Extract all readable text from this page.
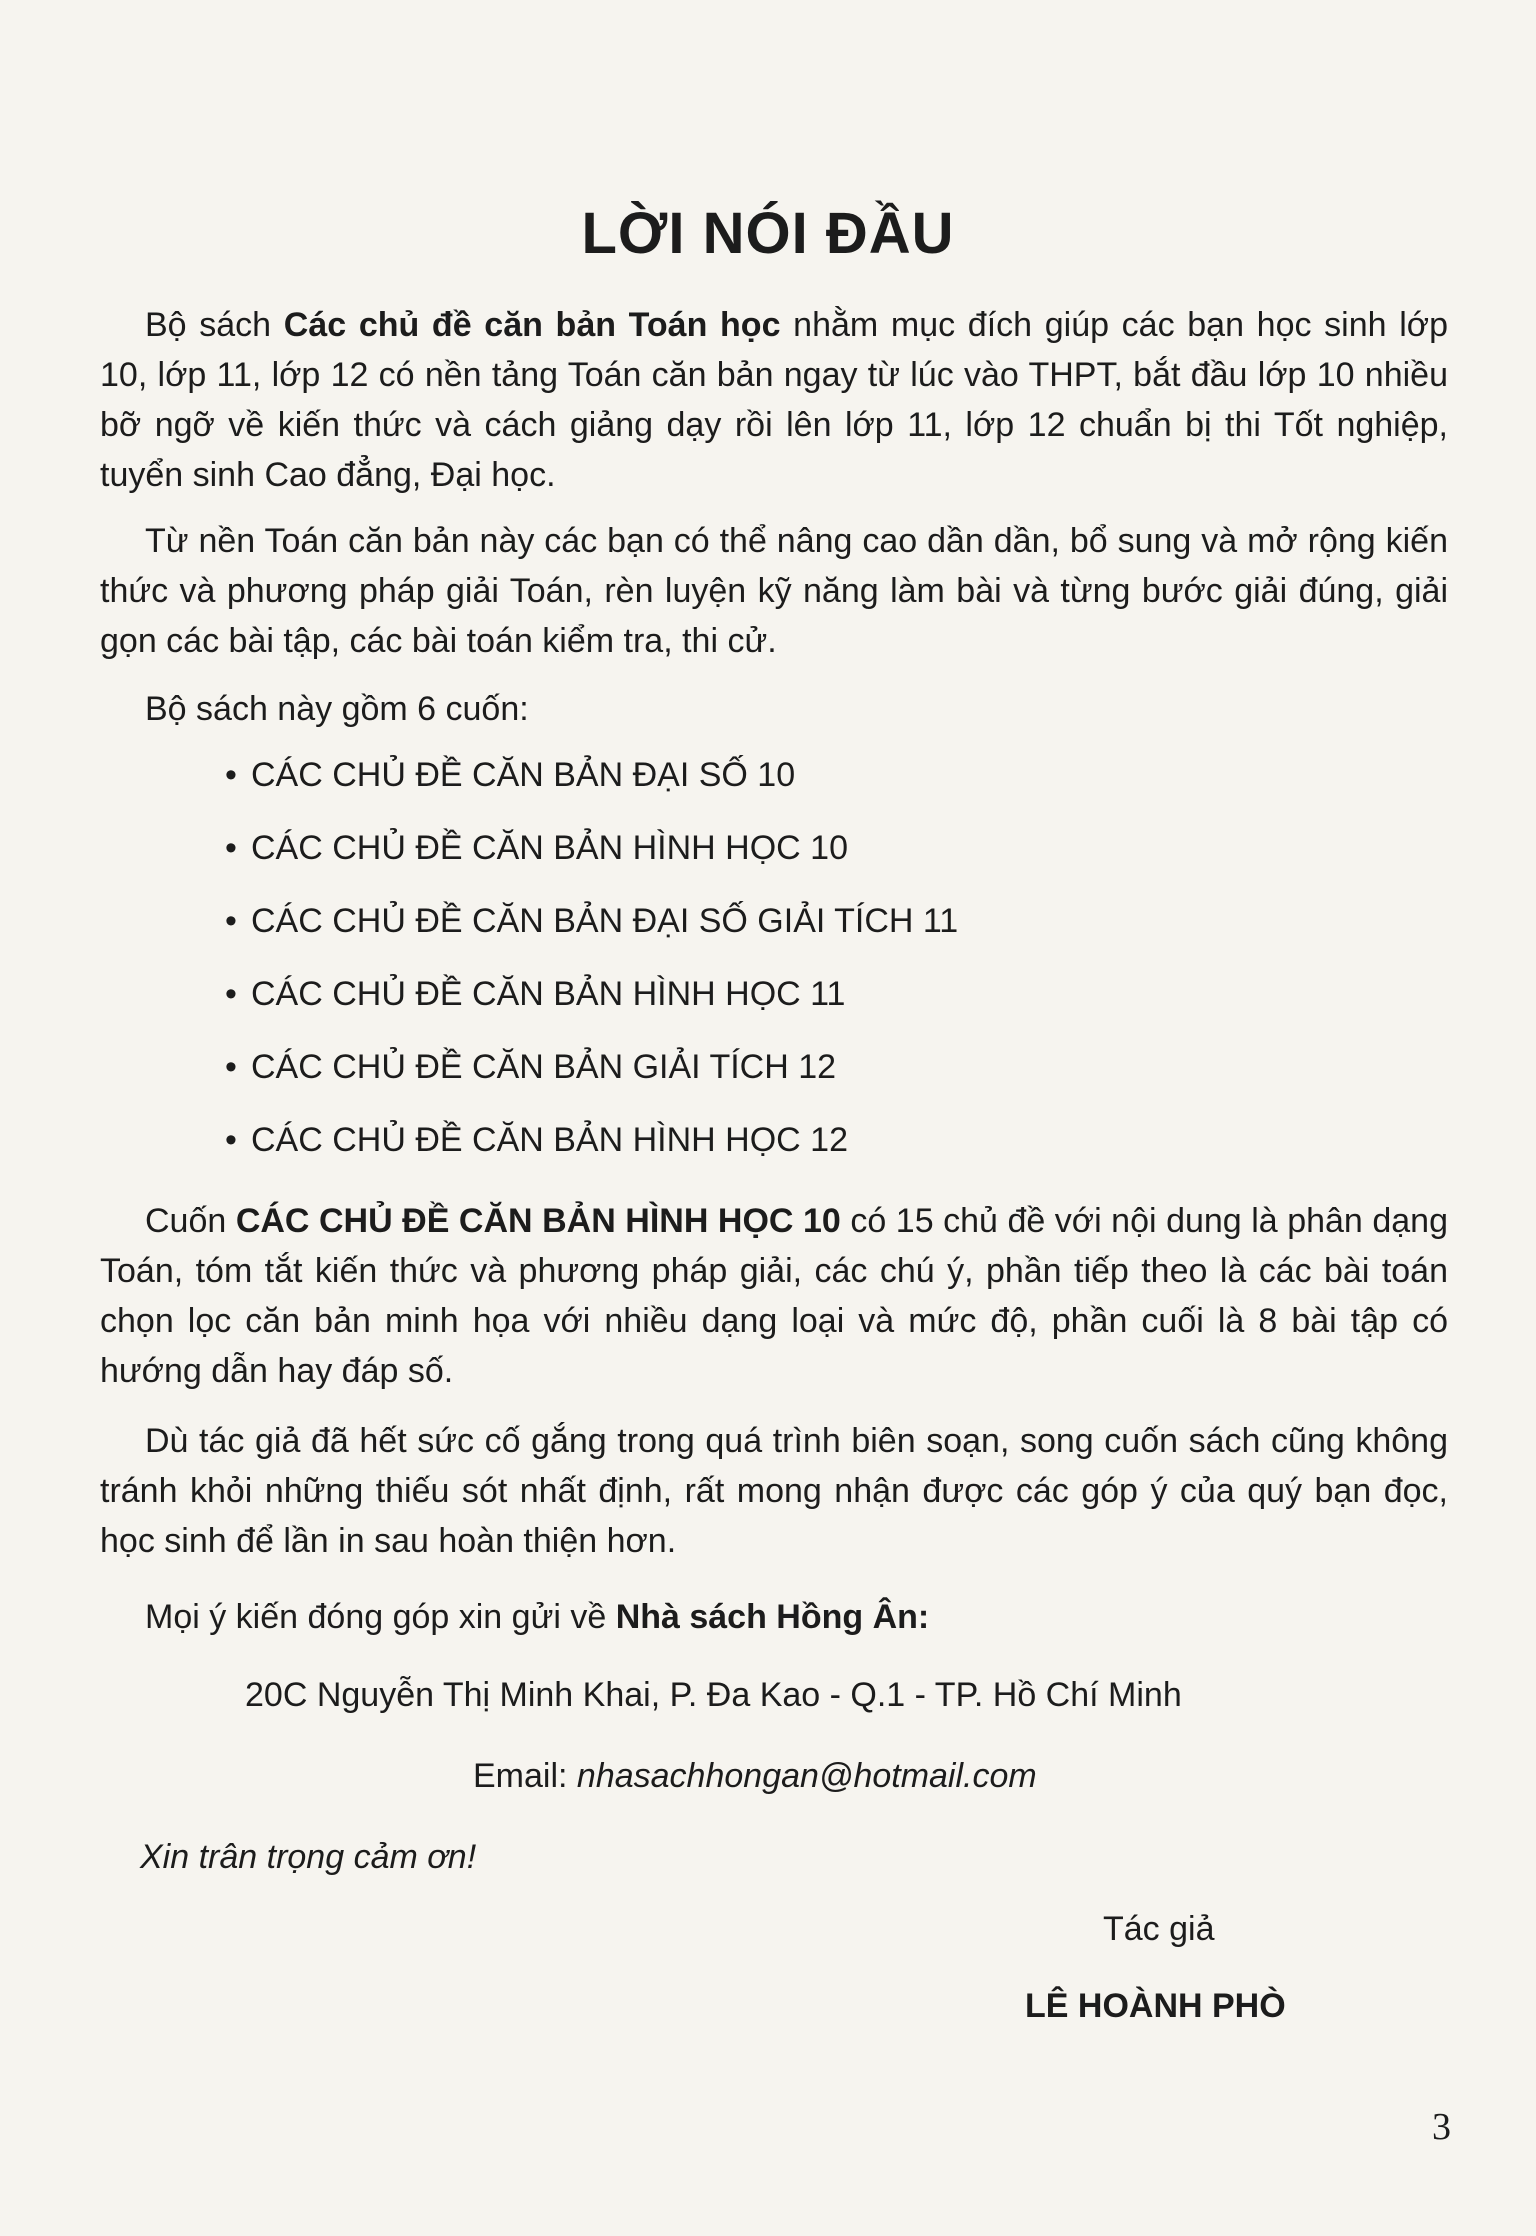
LỜI NÓI ĐẦU

Bộ sách Các chủ đề căn bản Toán học nhằm mục đích giúp các bạn học sinh lớp 10, lớp 11, lớp 12 có nền tảng Toán căn bản ngay từ lúc vào THPT, bắt đầu lớp 10 nhiều bỡ ngỡ về kiến thức và cách giảng dạy rồi lên lớp 11, lớp 12 chuẩn bị thi Tốt nghiệp, tuyển sinh Cao đẳng, Đại học.

Từ nền Toán căn bản này các bạn có thể nâng cao dần dần, bổ sung và mở rộng kiến thức và phương pháp giải Toán, rèn luyện kỹ năng làm bài và từng bước giải đúng, giải gọn các bài tập, các bài toán kiểm tra, thi cử.

Bộ sách này gồm 6 cuốn:
• CÁC CHỦ ĐỀ CĂN BẢN ĐẠI SỐ 10
• CÁC CHỦ ĐỀ CĂN BẢN HÌNH HỌC 10
• CÁC CHỦ ĐỀ CĂN BẢN ĐẠI SỐ GIẢI TÍCH 11
• CÁC CHỦ ĐỀ CĂN BẢN HÌNH HỌC 11
• CÁC CHỦ ĐỀ CĂN BẢN GIẢI TÍCH 12
• CÁC CHỦ ĐỀ CĂN BẢN HÌNH HỌC 12

Cuốn CÁC CHỦ ĐỀ CĂN BẢN HÌNH HỌC 10 có 15 chủ đề với nội dung là phân dạng Toán, tóm tắt kiến thức và phương pháp giải, các chú ý, phần tiếp theo là các bài toán chọn lọc căn bản minh họa với nhiều dạng loại và mức độ, phần cuối là 8 bài tập có hướng dẫn hay đáp số.

Dù tác giả đã hết sức cố gắng trong quá trình biên soạn, song cuốn sách cũng không tránh khỏi những thiếu sót nhất định, rất mong nhận được các góp ý của quý bạn đọc, học sinh để lần in sau hoàn thiện hơn.

Mọi ý kiến đóng góp xin gửi về Nhà sách Hồng Ân:
20C Nguyễn Thị Minh Khai, P. Đa Kao - Q.1 - TP. Hồ Chí Minh
Email: nhasachhongan@hotmail.com
Xin trân trọng cảm ơn!
Tác giả
LÊ HOÀNH PHÒ
3
